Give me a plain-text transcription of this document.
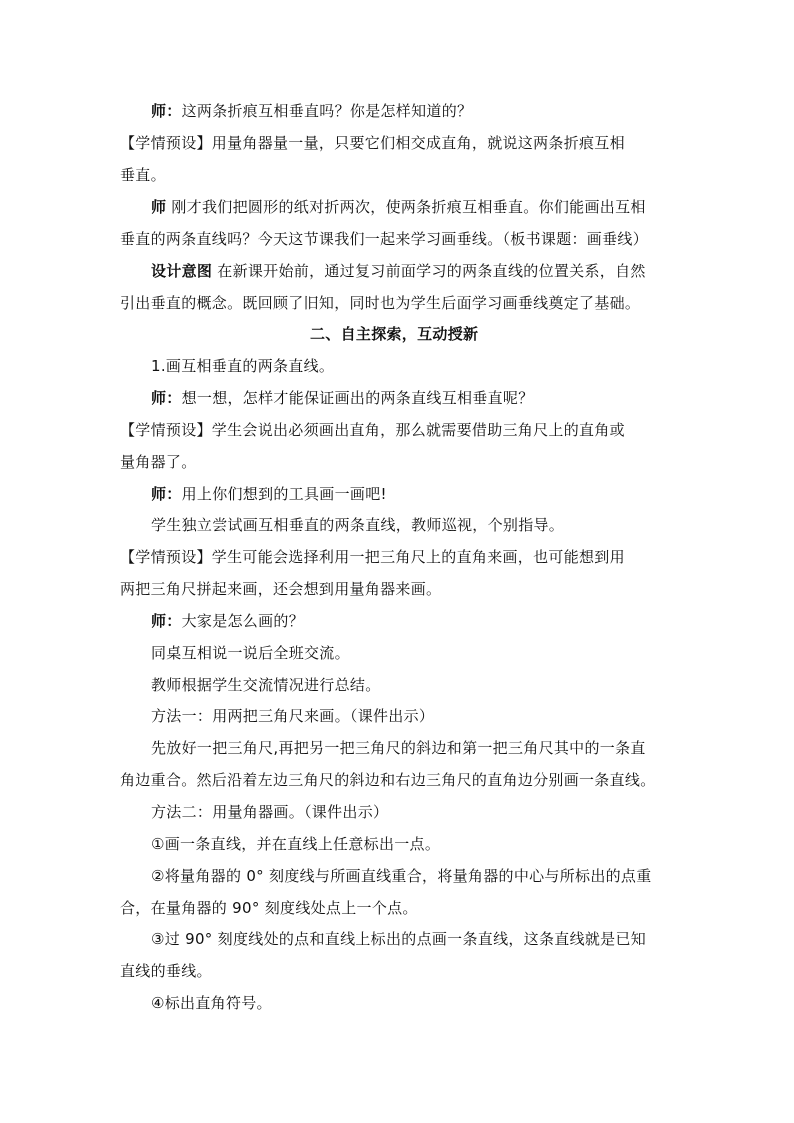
师：这两条折痕互相垂直吗？你是怎样知道的？
【学情预设】用量角器量一量，只要它们相交成直角，就说这两条折痕互相
垂直。
师 刚才我们把圆形的纸对折两次，使两条折痕互相垂直。你们能画出互相
垂直的两条直线吗？今天这节课我们一起来学习画垂线。（板书课题：画垂线）
设计意图 在新课开始前，通过复习前面学习的两条直线的位置关系，自然
引出垂直的概念。既回顾了旧知，同时也为学生后面学习画垂线奠定了基础。
二、自主探索，互动授新
1.画互相垂直的两条直线。
师：想一想，怎样才能保证画出的两条直线互相垂直呢？
【学情预设】学生会说出必须画出直角，那么就需要借助三角尺上的直角或
量角器了。
师：用上你们想到的工具画一画吧!
学生独立尝试画互相垂直的两条直线，教师巡视，个别指导。
【学情预设】学生可能会选择利用一把三角尺上的直角来画，也可能想到用
两把三角尺拼起来画，还会想到用量角器来画。
师：大家是怎么画的？
同桌互相说一说后全班交流。
教师根据学生交流情况进行总结。
方法一：用两把三角尺来画。（课件出示）
先放好一把三角尺,再把另一把三角尺的斜边和第一把三角尺其中的一条直
角边重合。然后沿着左边三角尺的斜边和右边三角尺的直角边分别画一条直线。
方法二：用量角器画。（课件出示）
①画一条直线，并在直线上任意标出一点。
②将量角器的 0° 刻度线与所画直线重合，将量角器的中心与所标出的点重
合，在量角器的 90° 刻度线处点上一个点。
③过 90° 刻度线处的点和直线上标出的点画一条直线，这条直线就是已知
直线的垂线。
④标出直角符号。
